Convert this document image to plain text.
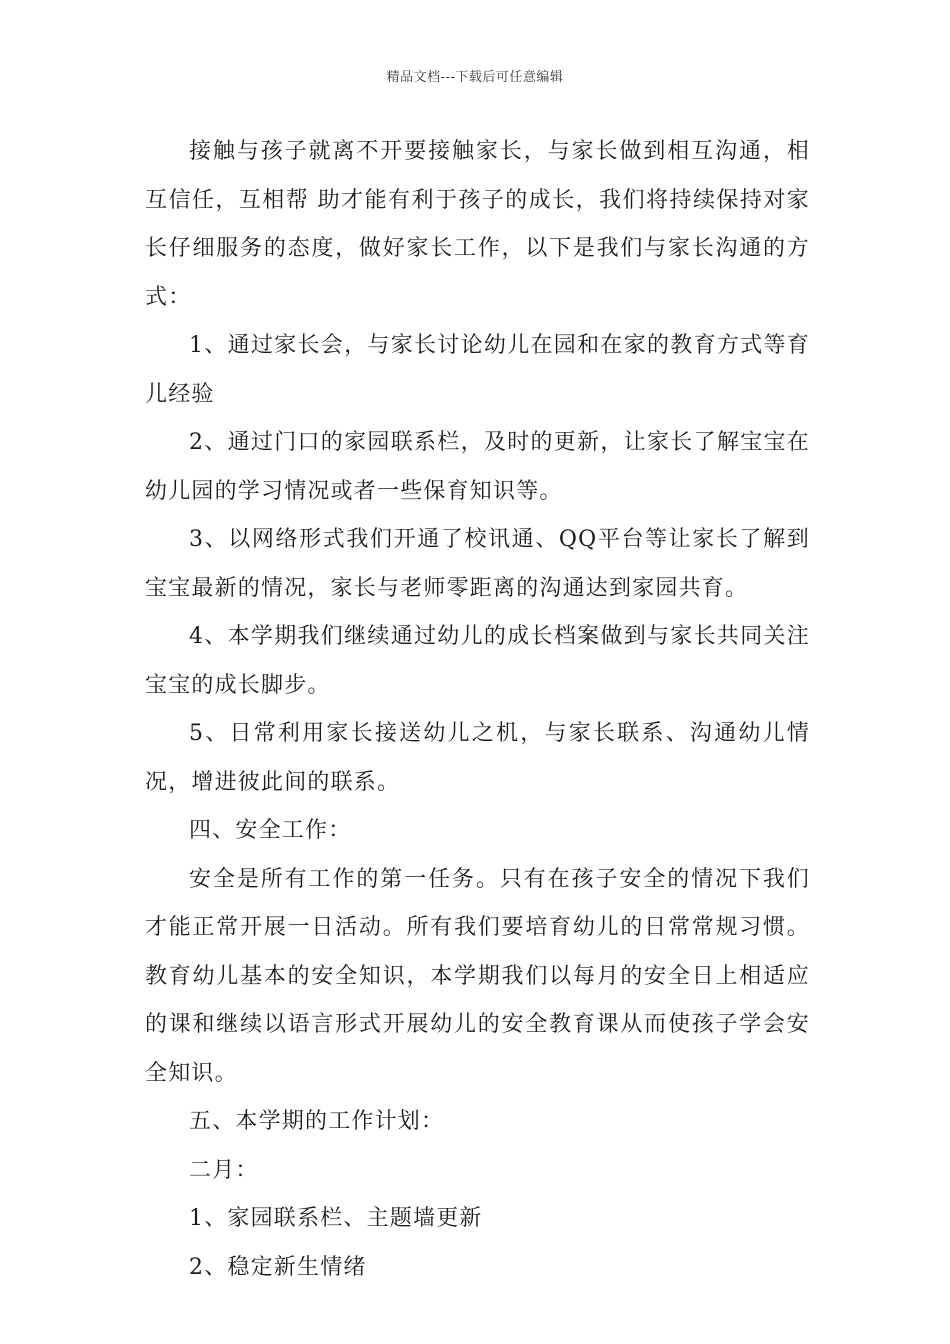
精品文档---下载后可任意编辑

接触与孩子就离不开要接触家长，与家长做到相互沟通，相互信任，互相帮 助才能有利于孩子的成长，我们将持续保持对家长仔细服务的态度，做好家长工作，以下是我们与家长沟通的方式：

1、通过家长会，与家长讨论幼儿在园和在家的教育方式等育儿经验

2、通过门口的家园联系栏，及时的更新，让家长了解宝宝在幼儿园的学习情况或者一些保育知识等。

3、以网络形式我们开通了校讯通、QQ平台等让家长了解到宝宝最新的情况，家长与老师零距离的沟通达到家园共育。

4、本学期我们继续通过幼儿的成长档案做到与家长共同关注宝宝的成长脚步。

5、日常利用家长接送幼儿之机，与家长联系、沟通幼儿情况，增进彼此间的联系。

四、安全工作：

安全是所有工作的第一任务。只有在孩子安全的情况下我们才能正常开展一日活动。所有我们要培育幼儿的日常常规习惯。教育幼儿基本的安全知识，本学期我们以每月的安全日上相适应的课和继续以语言形式开展幼儿的安全教育课从而使孩子学会安全知识。

五、本学期的工作计划：

二月：

1、家园联系栏、主题墙更新

2、稳定新生情绪
